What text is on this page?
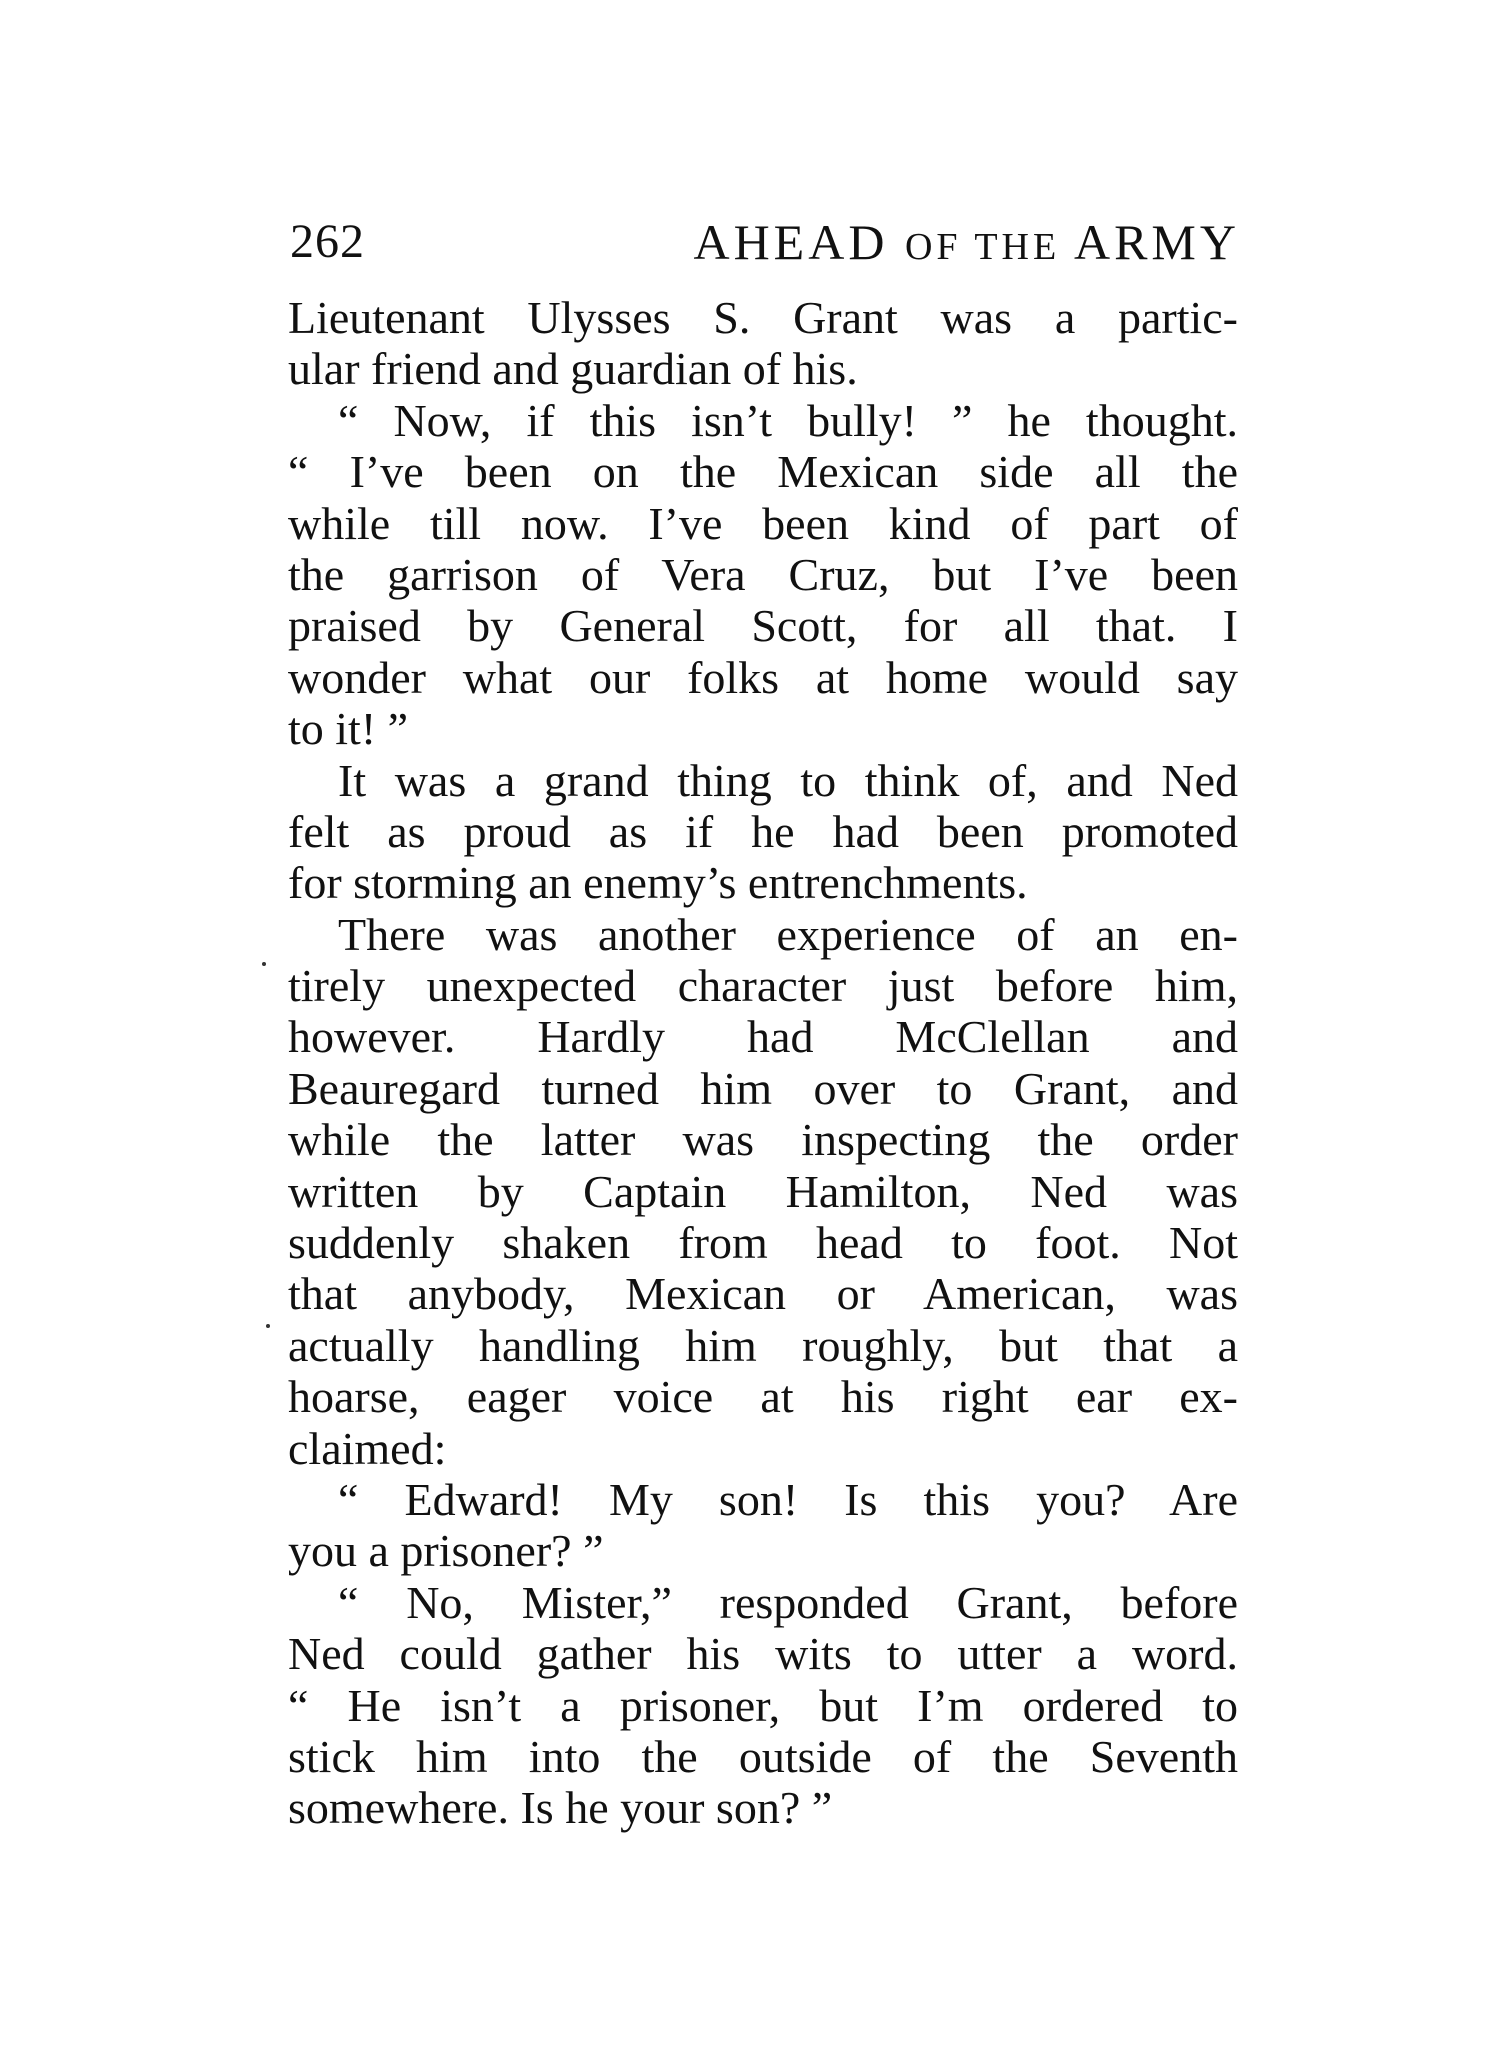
262	AHEAD OF THE ARMY
Lieutenant Ulysses S. Grant was a partic-
ular friend and guardian of his.
“ Now, if this isn’t bully! ” he thought.
“ I’ve been on the Mexican side all the
while till now. I’ve been kind of part of
the garrison of Vera Cruz, but I’ve been
praised by General Scott, for all that. I
wonder what our folks at home would say
to it! ”
It was a grand thing to think of, and Ned
felt as proud as if he had been promoted
for storming an enemy’s entrenchments.
There was another experience of an en-
tirely unexpected character just before him,
however. Hardly had McClellan and
Beauregard turned him over to Grant, and
while the latter was inspecting the order
written by Captain Hamilton, Ned was
suddenly shaken from head to foot. Not
that anybody, Mexican or American, was
actually handling him roughly, but that a
hoarse, eager voice at his right ear ex-
claimed:
“ Edward! My son! Is this you? Are
you a prisoner? ”
“ No, Mister,” responded Grant, before
Ned could gather his wits to utter a word.
“ He isn’t a prisoner, but I’m ordered to
stick him into the outside of the Seventh
somewhere. Is he your son? ”
